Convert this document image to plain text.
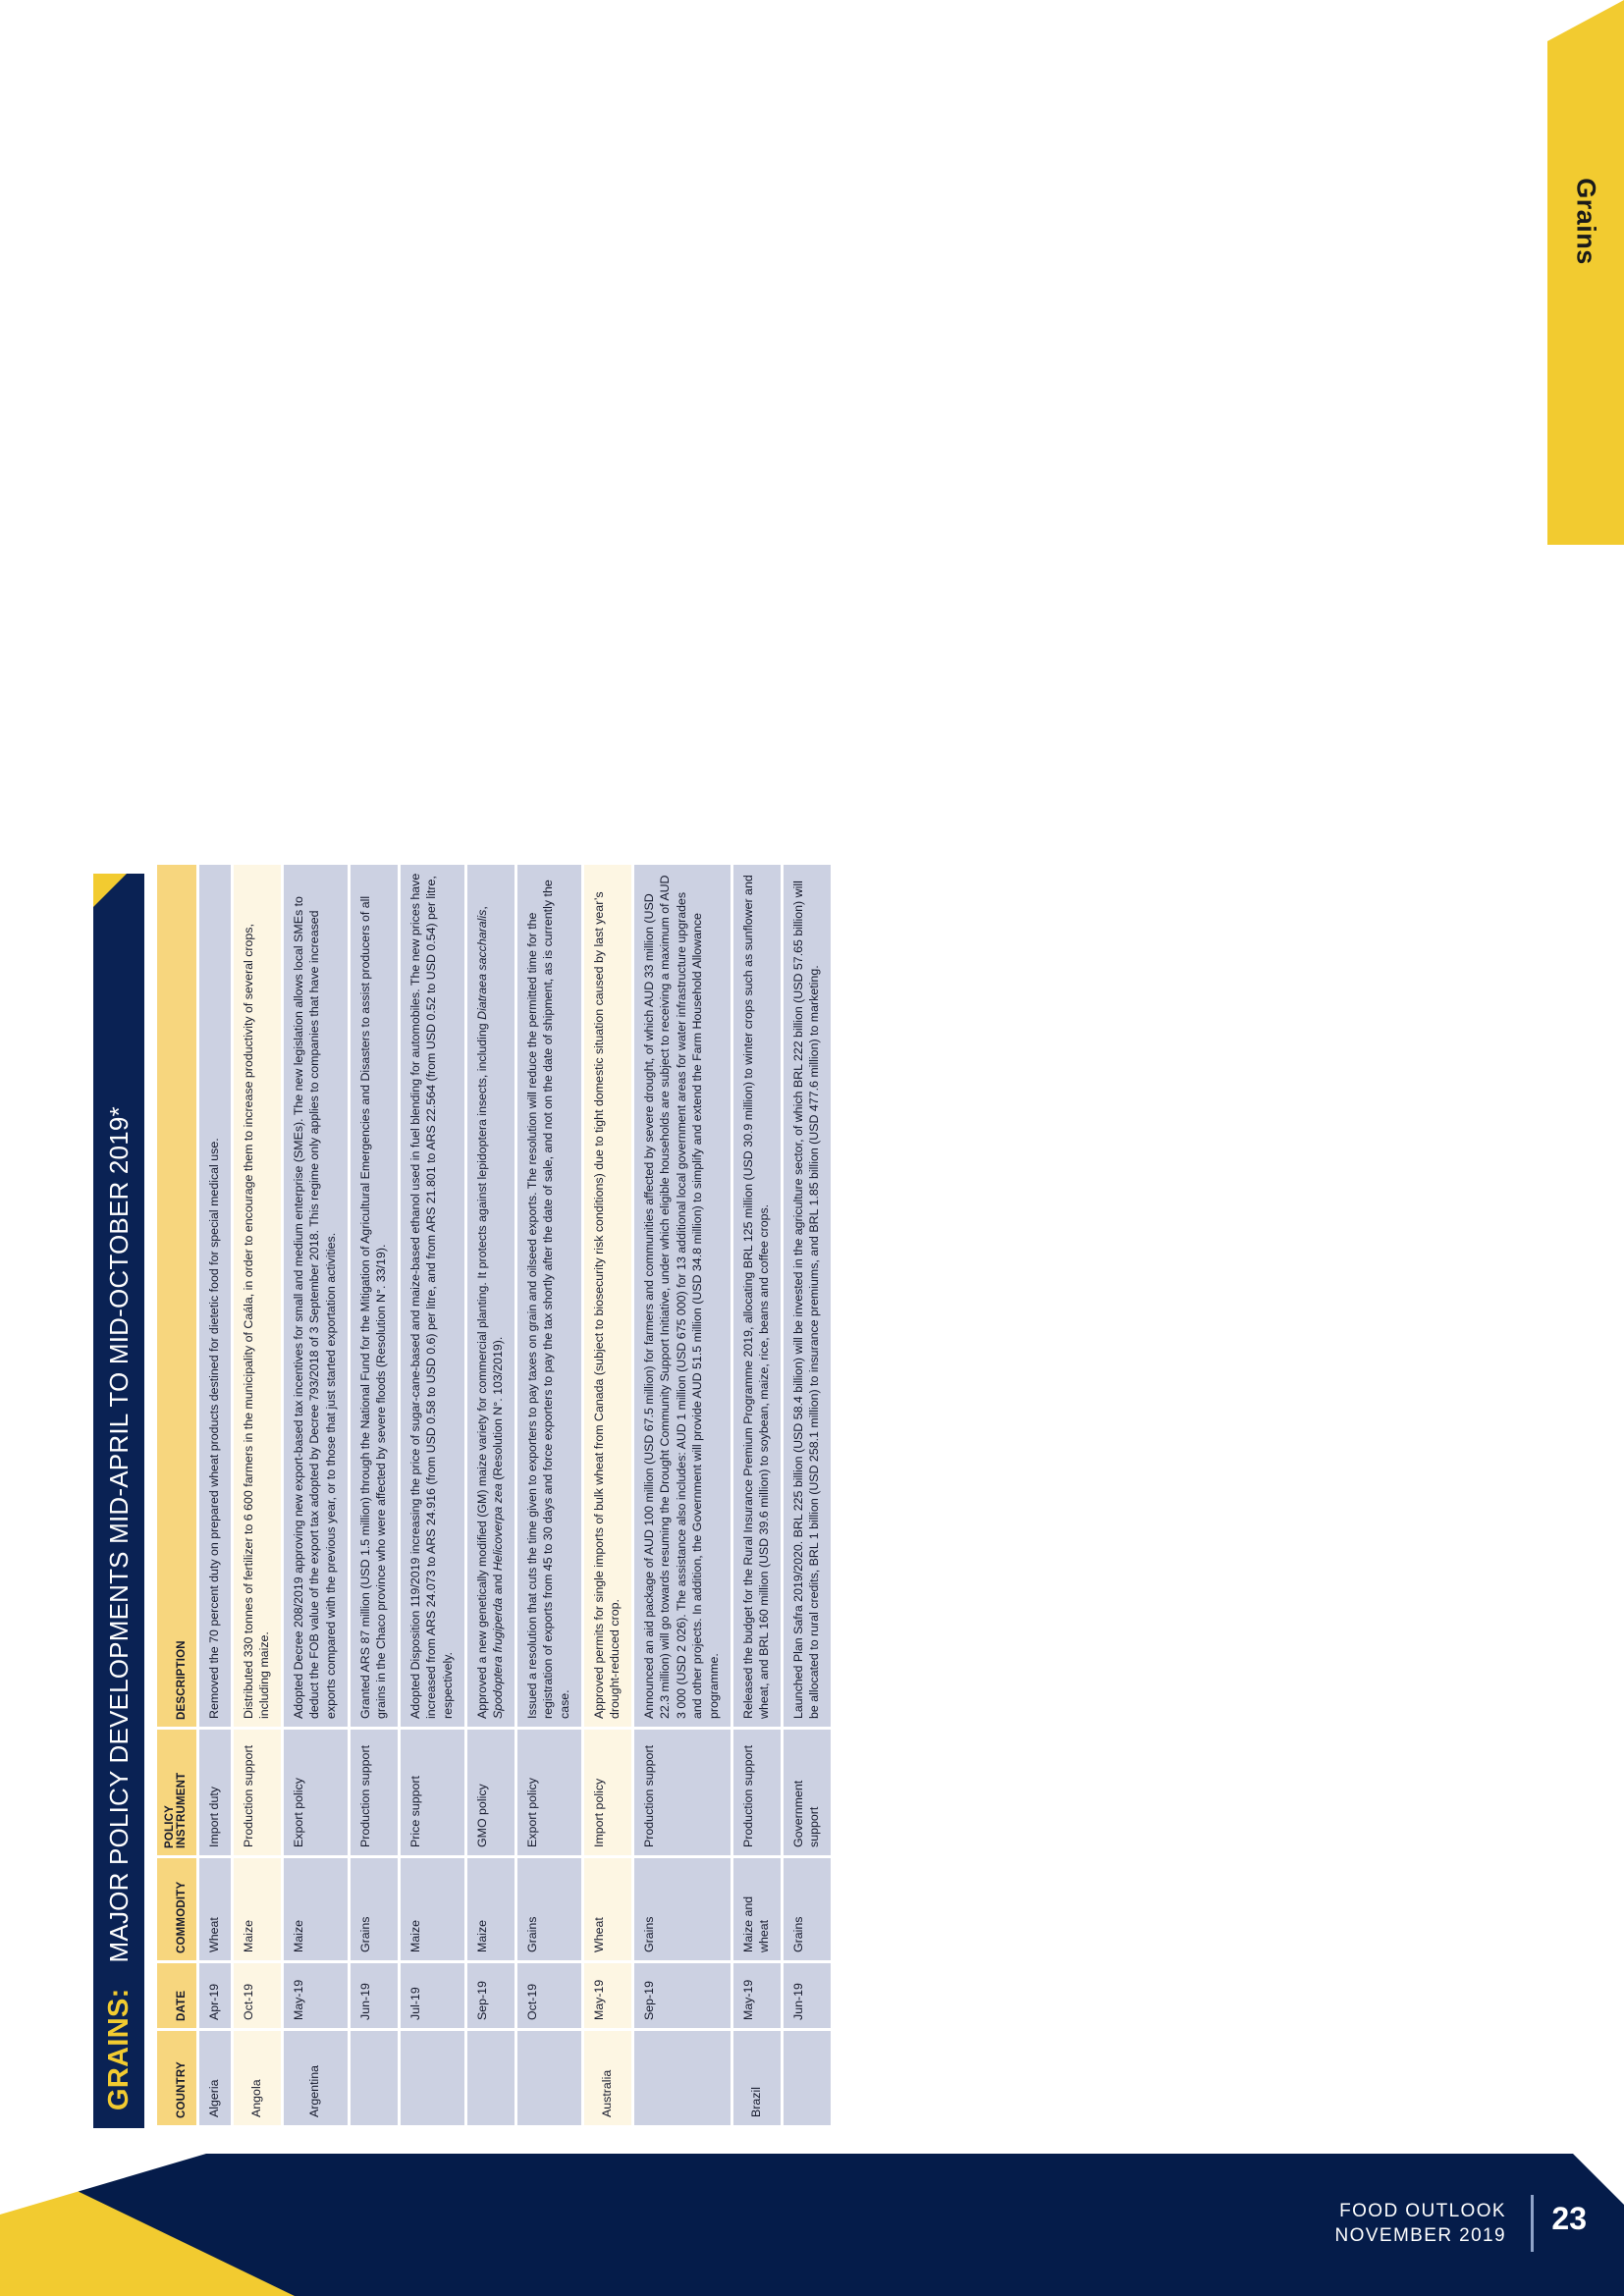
Grains
GRAINS:
MAJOR POLICY DEVELOPMENTS MID-APRIL TO MID-OCTOBER 2019*
COUNTRY	DATE	COMMODITY	POLICY INSTRUMENT	DESCRIPTION
Algeria	Apr-19	Wheat	Import duty	Removed the 70 percent duty on prepared wheat products destined for dietetic food for special medical use.
Angola	Oct-19	Maize	Production support	Distributed 330 tonnes of fertilizer to 6 600 farmers in the municipality of Caála, in order to encourage them to increase productivity of several crops, including maize.
Argentina	May-19	Maize	Export policy	Adopted Decree 208/2019 approving new export-based tax incentives for small and medium enterprise (SMEs). The new legislation allows local SMEs to deduct the FOB value of the export tax adopted by Decree 793/2018 of 3 September 2018. This regime only applies to companies that have increased exports compared with the previous year, or to those that just started exportation activities.
	Jun-19	Grains	Production support	Granted ARS 87 million (USD 1.5 million) through the National Fund for the Mitigation of Agricultural Emergencies and Disasters to assist producers of all grains in the Chaco province who were affected by severe floods (Resolution N°. 33/19).
	Jul-19	Maize	Price support	Adopted Disposition 119/2019 increasing the price of sugar-cane-based and maize-based ethanol used in fuel blending for automobiles. The new prices have increased from ARS 24.073 to ARS 24.916 (from USD 0.58 to USD 0.6) per litre, and from ARS 21.801 to ARS 22.564 (from USD 0.52 to USD 0.54) per litre, respectively.
	Sep-19	Maize	GMO policy	Approved a new genetically modified (GM) maize variety for commercial planting. It protects against lepidoptera insects, including Diatraea saccharalis, Spodoptera frugiperda and Helicoverpa zea (Resolution N°. 103/2019).
	Oct-19	Grains	Export policy	Issued a resolution that cuts the time given to exporters to pay taxes on grain and oilseed exports. The resolution will reduce the permitted time for the registration of exports from 45 to 30 days and force exporters to pay the tax shortly after the date of sale, and not on the date of shipment, as is currently the case.
Australia	May-19	Wheat	Import policy	Approved permits for single imports of bulk wheat from Canada (subject to biosecurity risk conditions) due to tight domestic situation caused by last year’s drought-reduced crop.
	Sep-19	Grains	Production support	Announced an aid package of AUD 100 million (USD 67.5 million) for farmers and communities affected by severe drought, of which AUD 33 million (USD 22.3 million) will go towards resuming the Drought Community Support Initiative, under which eligible households are subject to receiving a maximum of AUD 3 000 (USD 2 026). The assistance also includes: AUD 1 million (USD 675 000) for 13 additional local government areas for water infrastructure upgrades and other projects. In addition, the Government will provide AUD 51.5 million (USD 34.8 million) to simplify and extend the Farm Household Allowance programme.
Brazil	May-19	Maize and wheat	Production support	Released the budget for the Rural Insurance Premium Programme 2019, allocating BRL 125 million (USD 30.9 million) to winter crops such as sunflower and wheat, and BRL 160 million (USD 39.6 million) to soybean, maize, rice, beans and coffee crops.
	Jun-19	Grains	Government support	Launched Plan Safra 2019/2020. BRL 225 billion (USD 58.4 billion) will be invested in the agriculture sector, of which BRL 222 billion (USD 57.65 billion) will be allocated to rural credits, BRL 1 billion (USD 258.1 million) to insurance premiums, and BRL 1.85 billion (USD 477.6 million) to marketing.
FOOD OUTLOOK
NOVEMBER 2019 23
